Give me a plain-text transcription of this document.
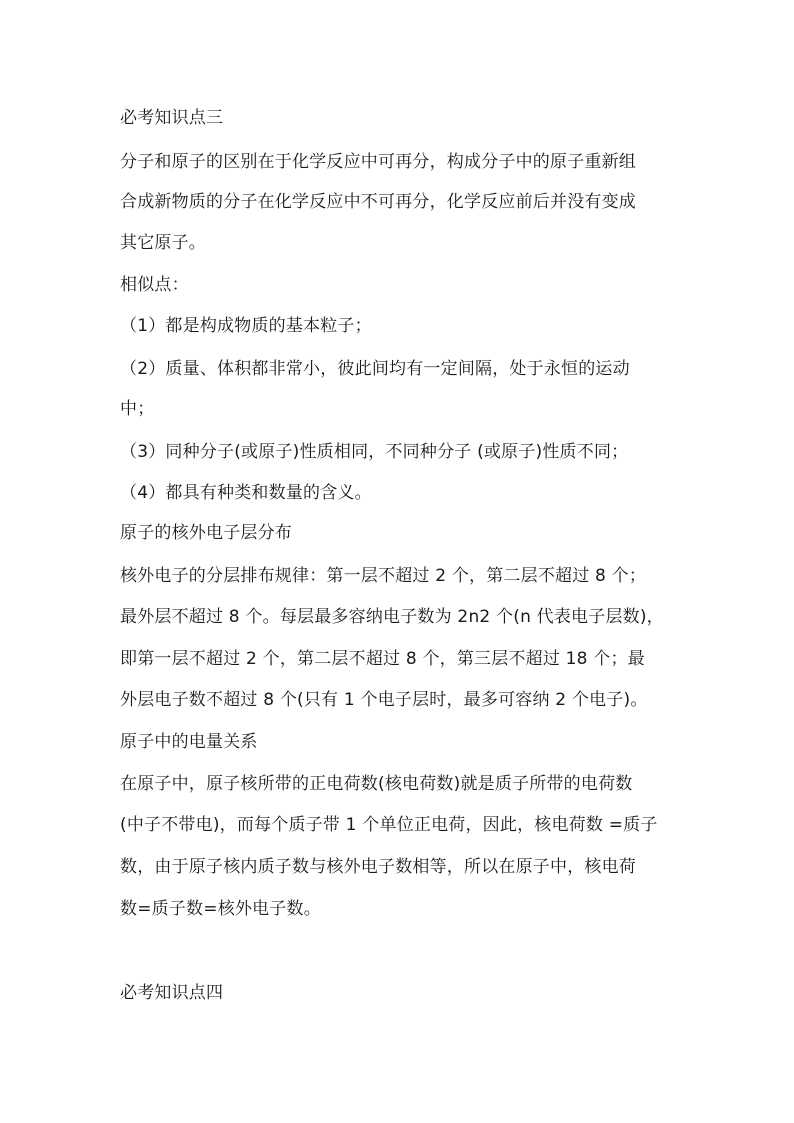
必考知识点三
分子和原子的区别在于化学反应中可再分，构成分子中的原子重新组
合成新物质的分子在化学反应中不可再分，化学反应前后并没有变成
其它原子。
相似点：
（1）都是构成物质的基本粒子；
（2）质量、体积都非常小，彼此间均有一定间隔，处于永恒的运动
中；
（3）同种分子(或原子)性质相同，不同种分子 (或原子)性质不同；
（4）都具有种类和数量的含义。
原子的核外电子层分布
核外电子的分层排布规律：第一层不超过 2 个，第二层不超过 8 个；
最外层不超过 8 个。每层最多容纳电子数为 2n2 个(n 代表电子层数)，
即第一层不超过 2 个，第二层不超过 8 个，第三层不超过 18 个；最
外层电子数不超过 8 个(只有 1 个电子层时，最多可容纳 2 个电子)。
原子中的电量关系
在原子中，原子核所带的正电荷数(核电荷数)就是质子所带的电荷数
(中子不带电)，而每个质子带 1 个单位正电荷，因此，核电荷数 =质子
数，由于原子核内质子数与核外电子数相等，所以在原子中，核电荷
数=质子数=核外电子数。
必考知识点四
